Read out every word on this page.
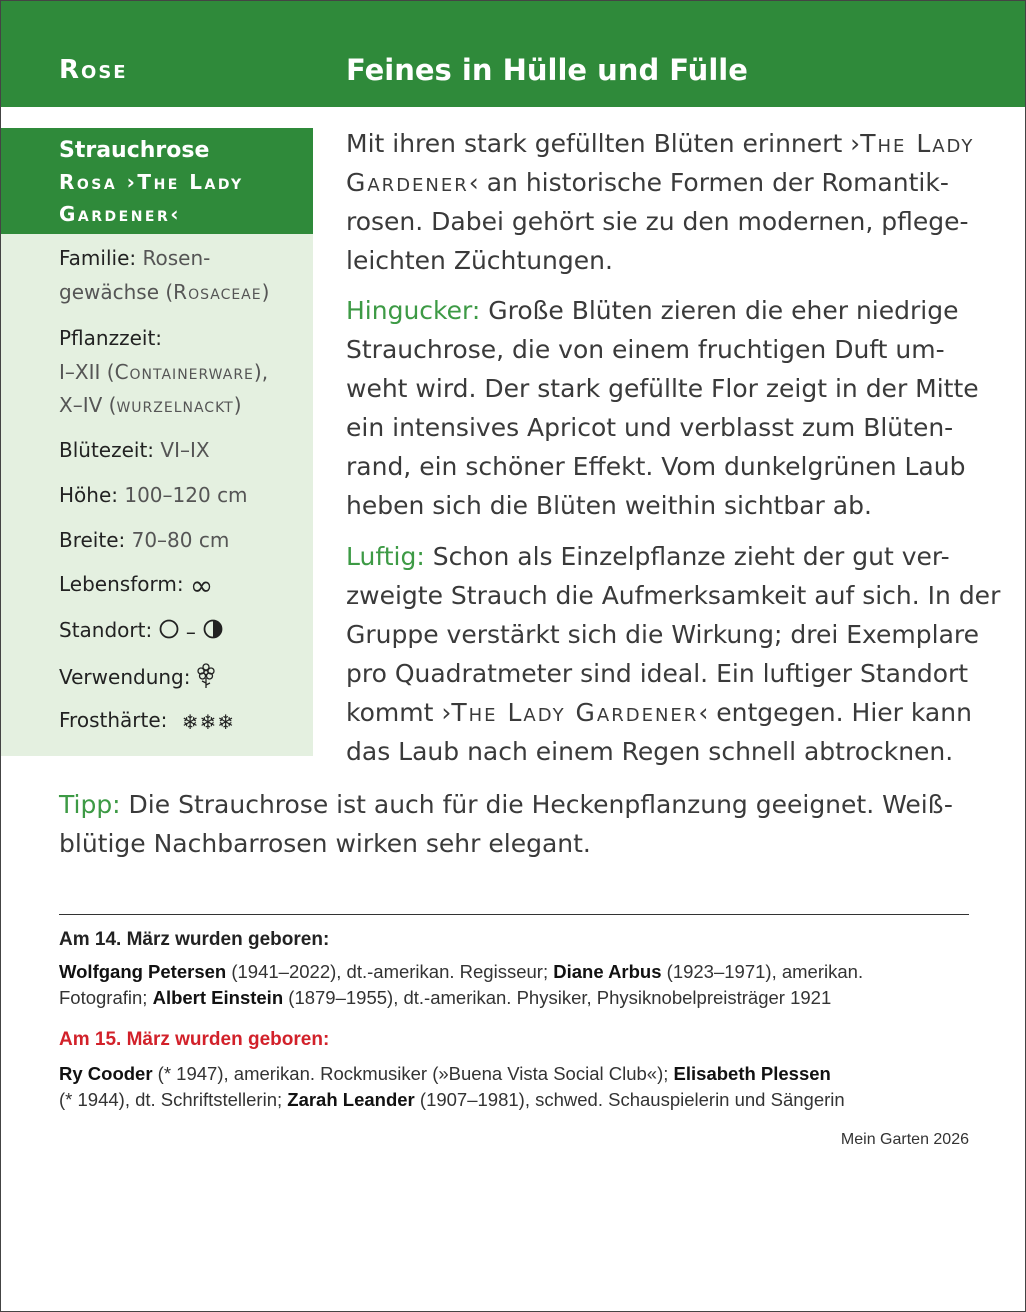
Rose	Feines in Hülle und Fülle
Strauchrose
Rosa ›The Lady
Gardener‹
Familie: Rosen-
gewächse (Rosaceae)
Pflanzzeit:
I–XII (Containerware),
X–IV (wurzelnackt)
Blütezeit: VI–IX
Höhe: 100–120 cm
Breite: 70–80 cm
Lebensform: ∞
Standort: –
Verwendung:
Frosthärte: ❄❄❄
Mit ihren stark gefüllten Blüten erinnert ›The Lady
Gardener‹ an historische Formen der Romantik-
rosen. Dabei gehört sie zu den modernen, pflege-
leichten Züchtungen.
Hingucker: Große Blüten zieren die eher niedrige
Strauchrose, die von einem fruchtigen Duft um-
weht wird. Der stark gefüllte Flor zeigt in der Mitte
ein intensives Apricot und verblasst zum Blüten-
rand, ein schöner Effekt. Vom dunkelgrünen Laub
heben sich die Blüten weithin sichtbar ab.
Luftig: Schon als Einzelpflanze zieht der gut ver-
zweigte Strauch die Aufmerksamkeit auf sich. In der
Gruppe verstärkt sich die Wirkung; drei Exemplare
pro Quadratmeter sind ideal. Ein luftiger Standort
kommt ›The Lady Gardener‹ entgegen. Hier kann
das Laub nach einem Regen schnell abtrocknen.
Tipp: Die Strauchrose ist auch für die Heckenpflanzung geeignet. Weiß-
blütige Nachbarrosen wirken sehr elegant.
Am 14. März wurden geboren:
Wolfgang Petersen (1941–2022), dt.-amerikan. Regisseur; Diane Arbus (1923–1971), amerikan.
Fotografin; Albert Einstein (1879–1955), dt.-amerikan. Physiker, Physiknobelpreisträger 1921
Am 15. März wurden geboren:
Ry Cooder (* 1947), amerikan. Rockmusiker (»Buena Vista Social Club«); Elisabeth Plessen
(* 1944), dt. Schriftstellerin; Zarah Leander (1907–1981), schwed. Schauspielerin und Sängerin
Mein Garten 2026
